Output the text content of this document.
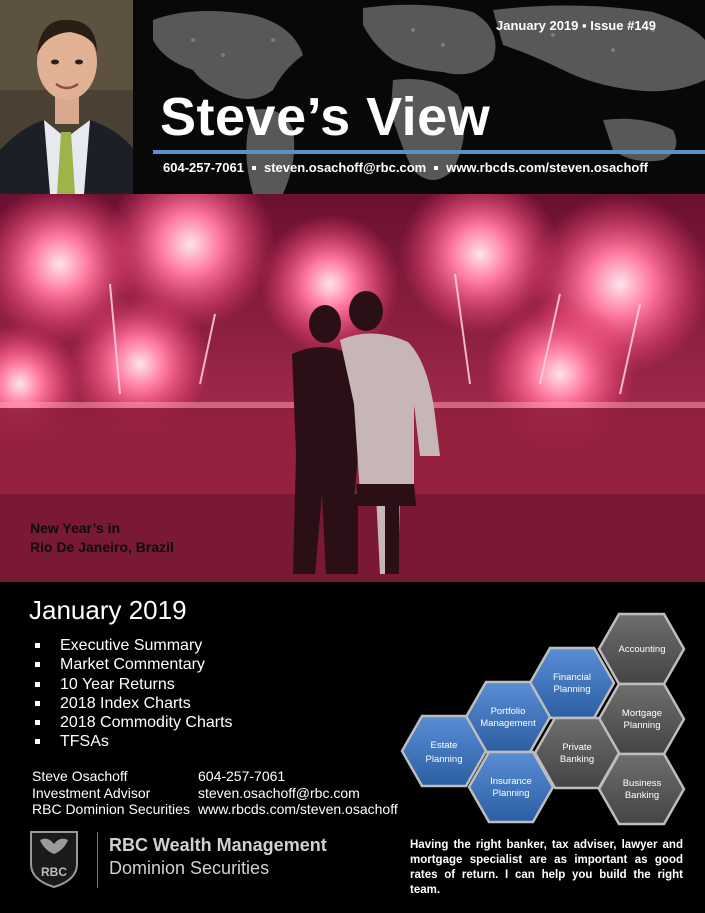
January 2019 ▪ Issue #149
Steve’s View
604-257-7061 steven.osachoff@rbc.com www.rbcds.com/steven.osachoff
New Year’s in
Rio De Janeiro, Brazil
January 2019
Executive Summary
Market Commentary
10 Year Returns
2018 Index Charts
2018 Commodity Charts
TFSAs
Steve Osachoff	604-257-7061
Investment Advisor	steven.osachoff@rbc.com
RBC Dominion Securities www.rbcds.com/steven.osachoff
Accounting
Financial
Planning
Mortgage
Planning
Portfolio
Management
Private
Banking
Estate
Planning
Business
Banking
Insurance
Planning
RBC
RBC Wealth Management
Dominion Securities
Having the right banker, tax adviser, lawyer and mortgage specialist are as important as good rates of return. I can help you build the right team.
